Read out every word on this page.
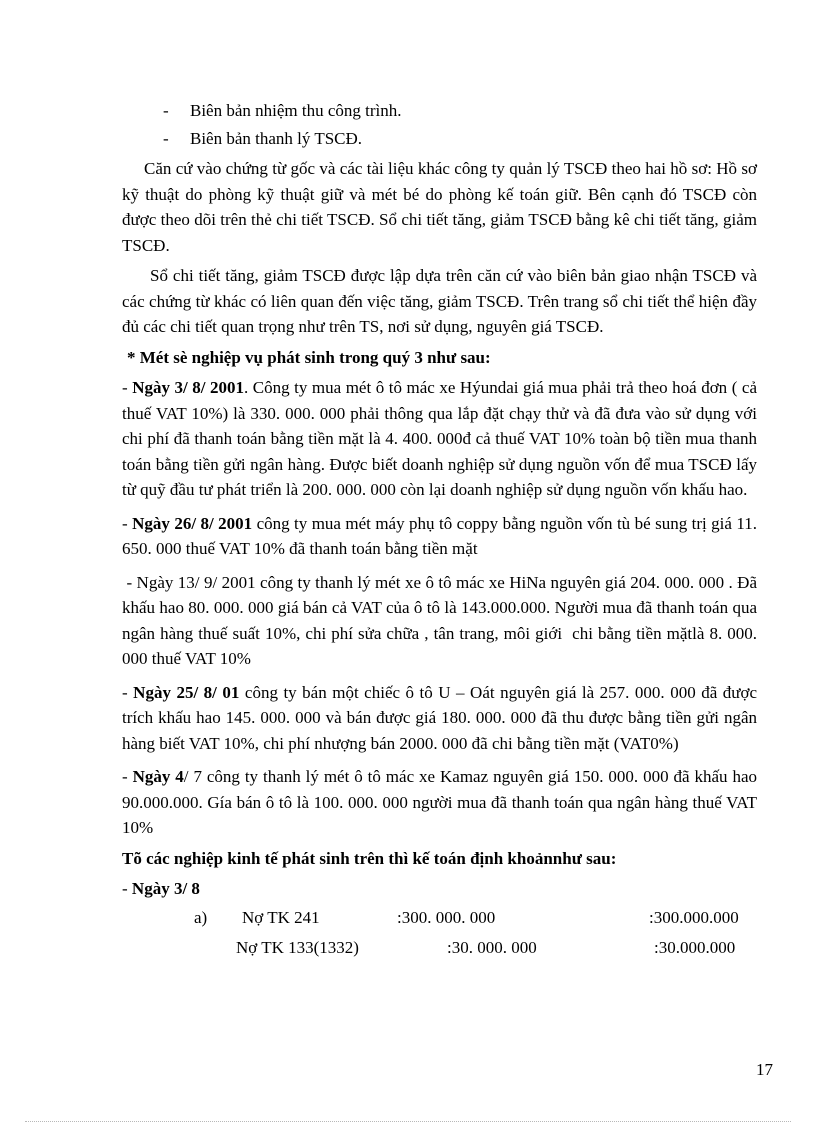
-	Biên bản nhiệm thu công trình.
-	Biên bản thanh lý TSCĐ.

Căn cứ vào chứng từ gốc và các tài liệu khác công ty quản lý TSCĐ theo hai hồ sơ: Hồ sơ kỹ thuật do phòng kỹ thuật giữ và mét bé do phòng kế toán giữ. Bên cạnh đó TSCĐ còn được theo dõi trên thẻ chi tiết TSCĐ. Sổ chi tiết tăng, giảm TSCĐ bằng kê chi tiết tăng, giảm TSCĐ.

Sổ chi tiết tăng, giảm TSCĐ được lập dựa trên căn cứ vào biên bản giao nhận TSCĐ và các chứng từ khác có liên quan đến việc tăng, giảm TSCĐ. Trên trang sổ chi tiết thể hiện đầy đủ các chi tiết quan trọng như trên TS, nơi sử dụng, nguyên giá TSCĐ.

* Mét sè nghiệp vụ phát sinh trong quý 3 như sau:

- Ngày 3/ 8/ 2001. Công ty mua mét ô tô mác xe Hýundai giá mua phải trả theo hoá đơn ( cả thuế VAT 10%) là 330. 000. 000 phải thông qua lắp đặt chạy thử và đã đưa vào sử dụng với chi phí đã thanh toán bằng tiền mặt là 4. 400. 000đ cả thuế VAT 10% toàn bộ tiền mua thanh toán bằng tiền gửi ngân hàng. Được biết doanh nghiệp sử dụng nguồn vốn để mua TSCĐ lấy từ quỹ đầu tư phát triển là 200. 000. 000 còn lại doanh nghiệp sử dụng nguồn vốn khấu hao.

- Ngày 26/ 8/ 2001 công ty mua mét máy phụ tô coppy bằng nguồn vốn tù bé sung trị giá 11. 650. 000 thuế VAT 10% đã thanh toán bằng tiền mặt

- Ngày 13/ 9/ 2001 công ty thanh lý mét xe ô tô mác xe HiNa nguyên giá 204. 000. 000 . Đã khấu hao 80. 000. 000 giá bán cả VAT của ô tô là 143.000.000. Người mua đã thanh toán qua ngân hàng thuế suất 10%, chi phí sửa chữa , tân trang, môi giới  chi bằng tiền mặtlà 8. 000. 000 thuế VAT 10%

- Ngày 25/ 8/ 01 công ty bán một chiếc ô tô U – Oát nguyên giá là 257. 000. 000 đã được trích khấu hao 145. 000. 000 và bán được giá 180. 000. 000 đã thu được bằng tiền gửi ngân hàng biết VAT 10%, chi phí nhượng bán 2000. 000 đã chi bằng tiền mặt (VAT0%)

- Ngày 4/ 7 công ty thanh lý mét ô tô mác xe Kamaz nguyên giá 150. 000. 000 đã khấu hao 90.000.000. Gía bán ô tô là 100. 000. 000 người mua đã thanh toán qua ngân hàng thuế VAT 10%

Tõ các nghiệp kinh tế phát sinh trên thì kế toán định khoảnnhư sau:

- Ngày 3/ 8

a) Nợ TK 241	:300. 000. 000	:300.000.000
Nợ TK 133(1332)	:30. 000. 000	:30.000.000
17
